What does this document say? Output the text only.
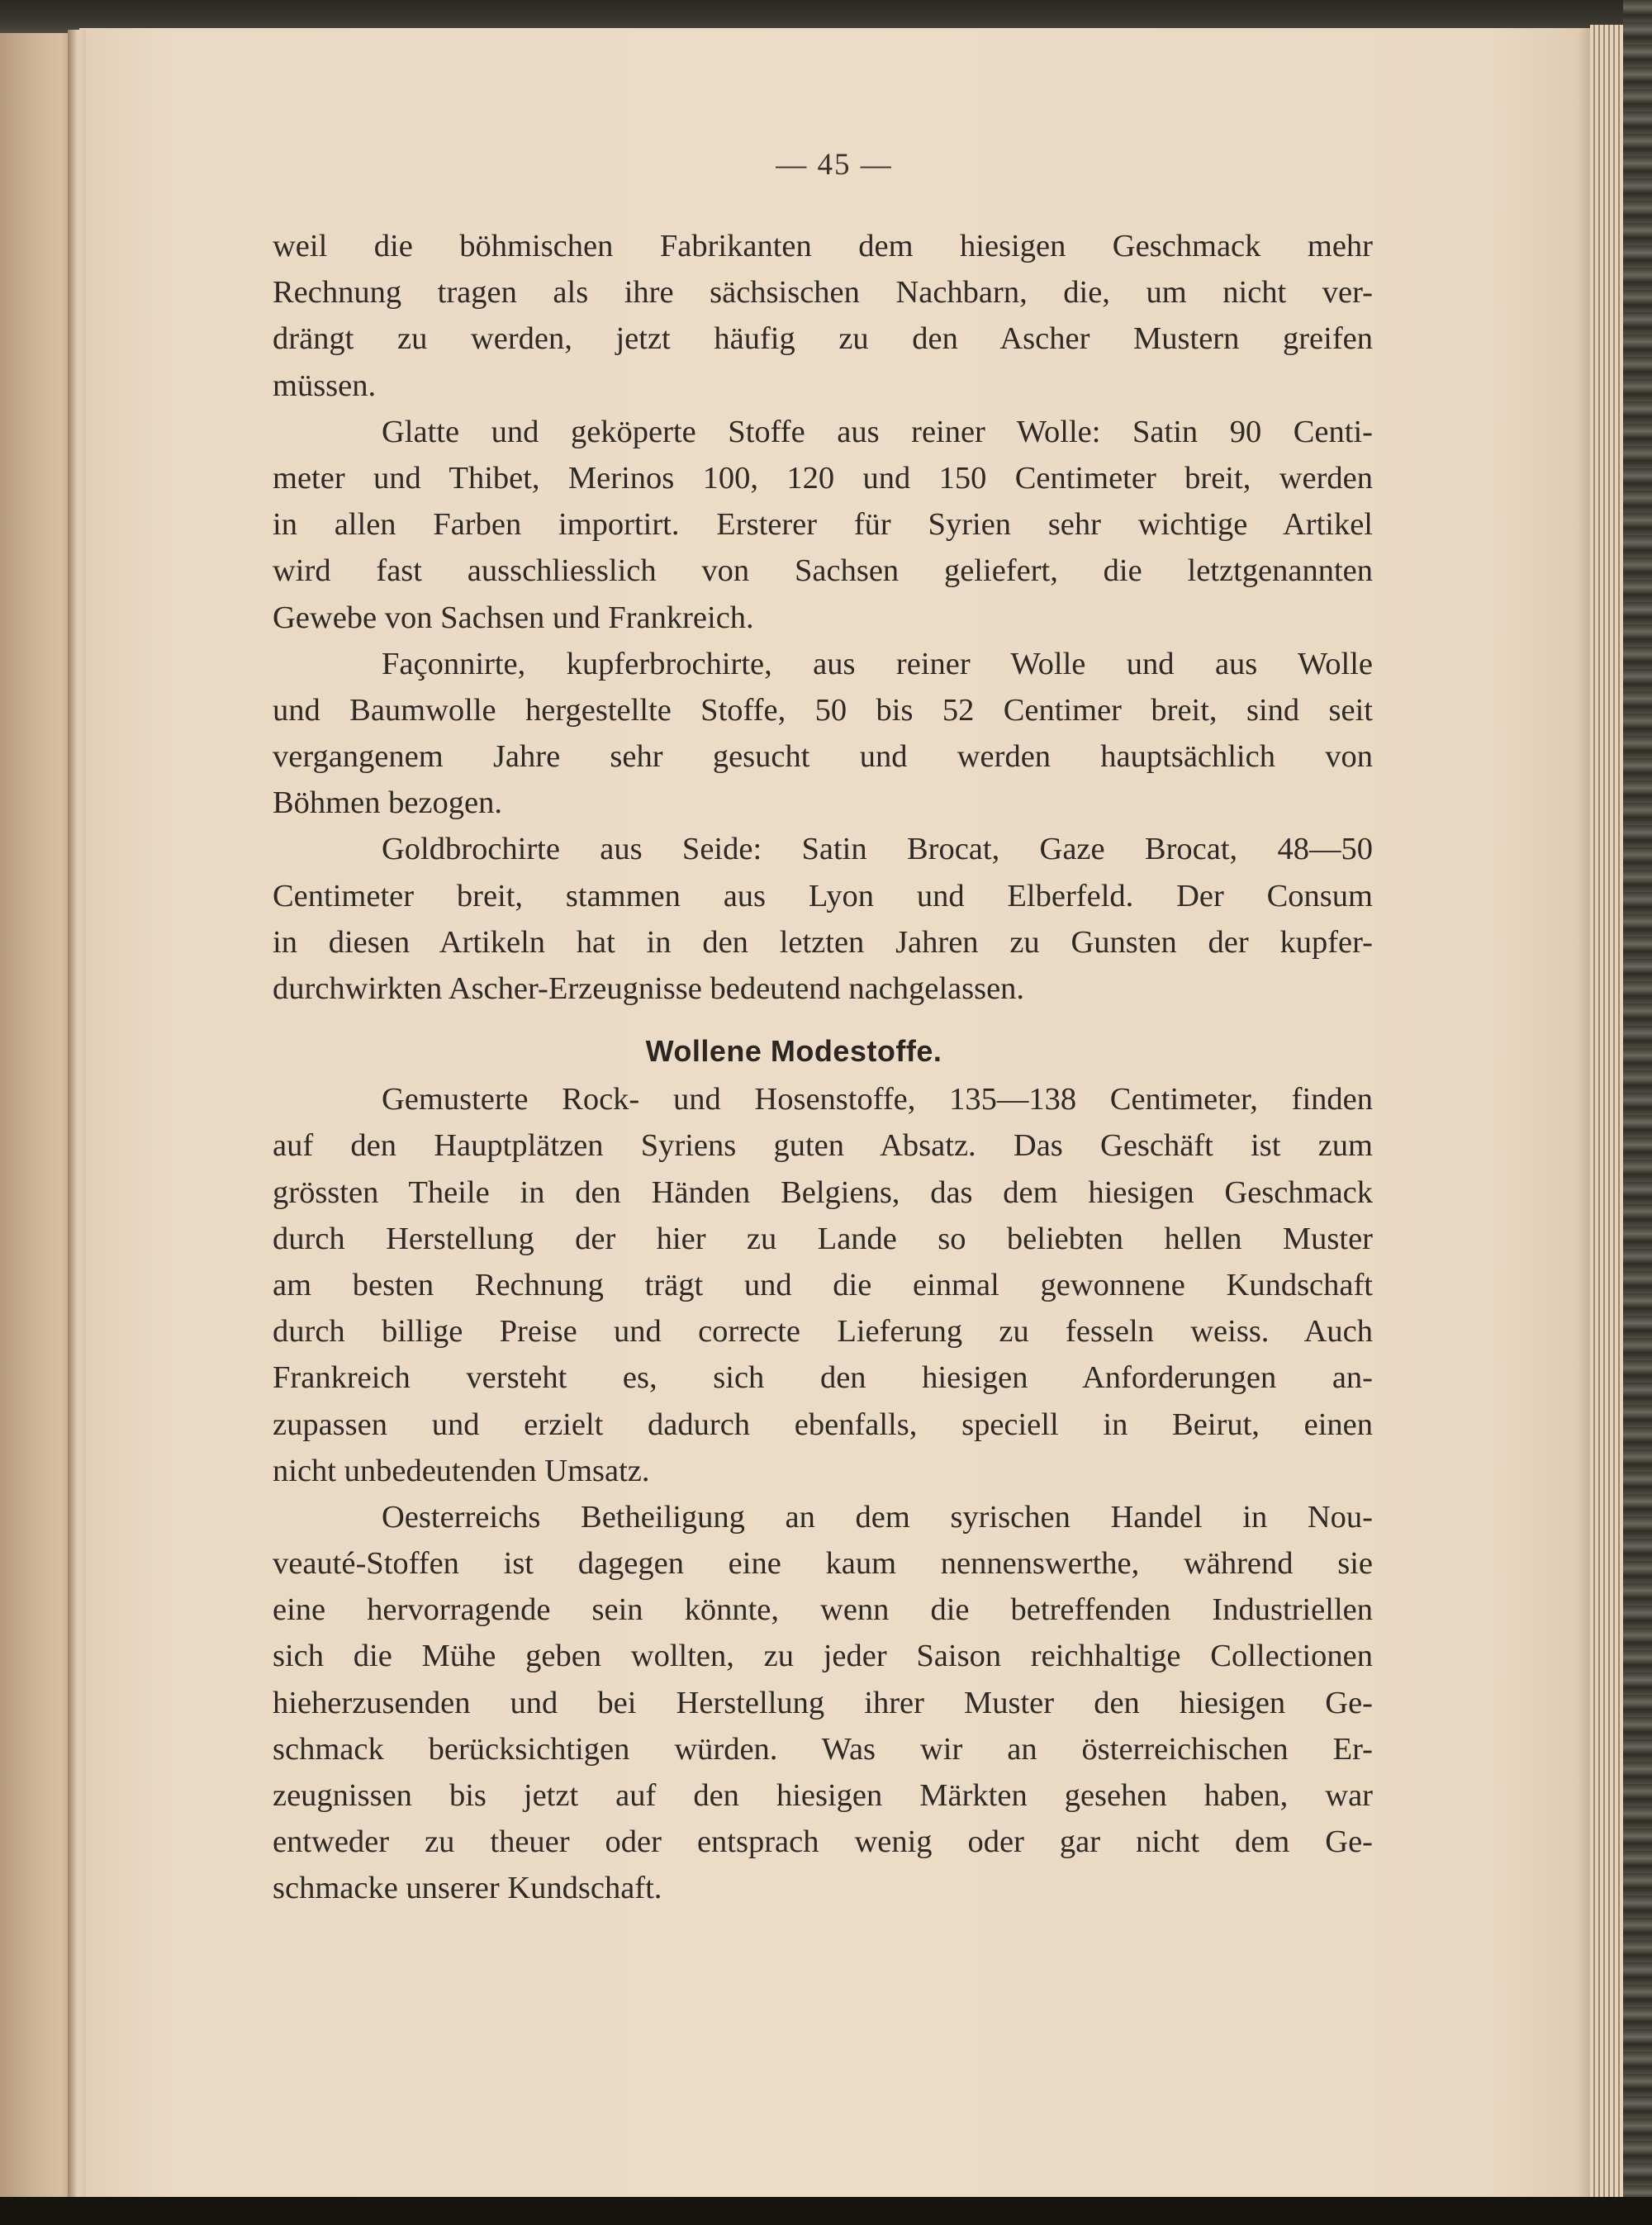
— 45 —
weil die böhmischen Fabrikanten dem hiesigen Geschmack mehr
Rechnung tragen als ihre sächsischen Nachbarn, die, um nicht ver-
drängt zu werden, jetzt häufig zu den Ascher Mustern greifen
müssen.
Glatte und geköperte Stoffe aus reiner Wolle: Satin 90 Centi-
meter und Thibet, Merinos 100, 120 und 150 Centimeter breit, werden
in allen Farben importirt. Ersterer für Syrien sehr wichtige Artikel
wird fast ausschliesslich von Sachsen geliefert, die letztgenannten
Gewebe von Sachsen und Frankreich.
Façonnirte, kupferbrochirte, aus reiner Wolle und aus Wolle
und Baumwolle hergestellte Stoffe, 50 bis 52 Centimer breit, sind seit
vergangenem Jahre sehr gesucht und werden hauptsächlich von
Böhmen bezogen.
Goldbrochirte aus Seide: Satin Brocat, Gaze Brocat, 48—50
Centimeter breit, stammen aus Lyon und Elberfeld. Der Consum
in diesen Artikeln hat in den letzten Jahren zu Gunsten der kupfer-
durchwirkten Ascher-Erzeugnisse bedeutend nachgelassen.
Wollene Modestoffe.
Gemusterte Rock- und Hosenstoffe, 135—138 Centimeter, finden
auf den Hauptplätzen Syriens guten Absatz. Das Geschäft ist zum
grössten Theile in den Händen Belgiens, das dem hiesigen Geschmack
durch Herstellung der hier zu Lande so beliebten hellen Muster
am besten Rechnung trägt und die einmal gewonnene Kundschaft
durch billige Preise und correcte Lieferung zu fesseln weiss. Auch
Frankreich versteht es, sich den hiesigen Anforderungen an-
zupassen und erzielt dadurch ebenfalls, speciell in Beirut, einen
nicht unbedeutenden Umsatz.
Oesterreichs Betheiligung an dem syrischen Handel in Nou-
veauté-Stoffen ist dagegen eine kaum nennenswerthe, während sie
eine hervorragende sein könnte, wenn die betreffenden Industriellen
sich die Mühe geben wollten, zu jeder Saison reichhaltige Collectionen
hieherzusenden und bei Herstellung ihrer Muster den hiesigen Ge-
schmack berücksichtigen würden. Was wir an österreichischen Er-
zeugnissen bis jetzt auf den hiesigen Märkten gesehen haben, war
entweder zu theuer oder entsprach wenig oder gar nicht dem Ge-
schmacke unserer Kundschaft.
